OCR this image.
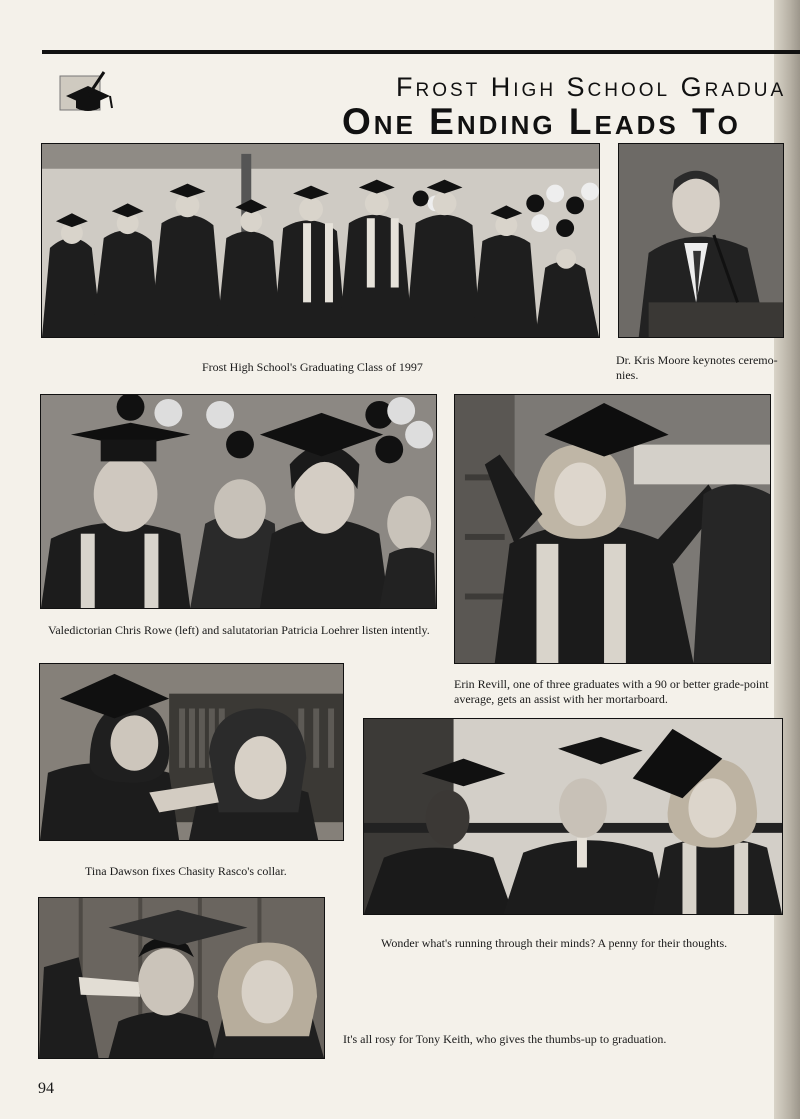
Frost High School Gradua
One Ending Leads To
Frost High School's Graduating Class of 1997	Dr. Kris Moore keynotes ceremo-nies.
Valedictorian Chris Rowe (left) and salutatorian Patricia Loehrer listen intently.
Erin Revill, one of three graduates with a 90 or better grade-point average, gets an assist with her mortarboard.
Tina Dawson fixes Chasity Rasco's collar.
Wonder what's running through their minds? A penny for their thoughts.
It's all rosy for Tony Keith, who gives the thumbs-up to graduation.
94
